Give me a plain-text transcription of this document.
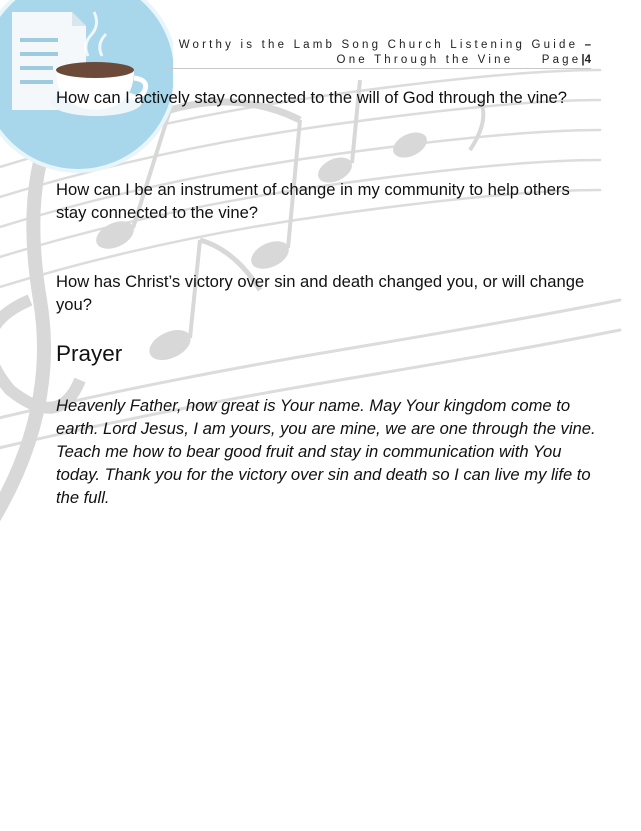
Worthy is the Lamb Song Church Listening Guide –
One Through the Vine Page|4

How can I actively stay connected to the will of God through the vine?

How can I be an instrument of change in my community to help others stay connected to the vine?

How has Christ’s victory over sin and death changed you, or will change you?

Prayer

Heavenly Father, how great is Your name. May Your kingdom come to earth. Lord Jesus, I am yours, you are mine, we are one through the vine. Teach me how to bear good fruit and stay in communication with You today. Thank you for the victory over sin and death so I can live my life to the full.
